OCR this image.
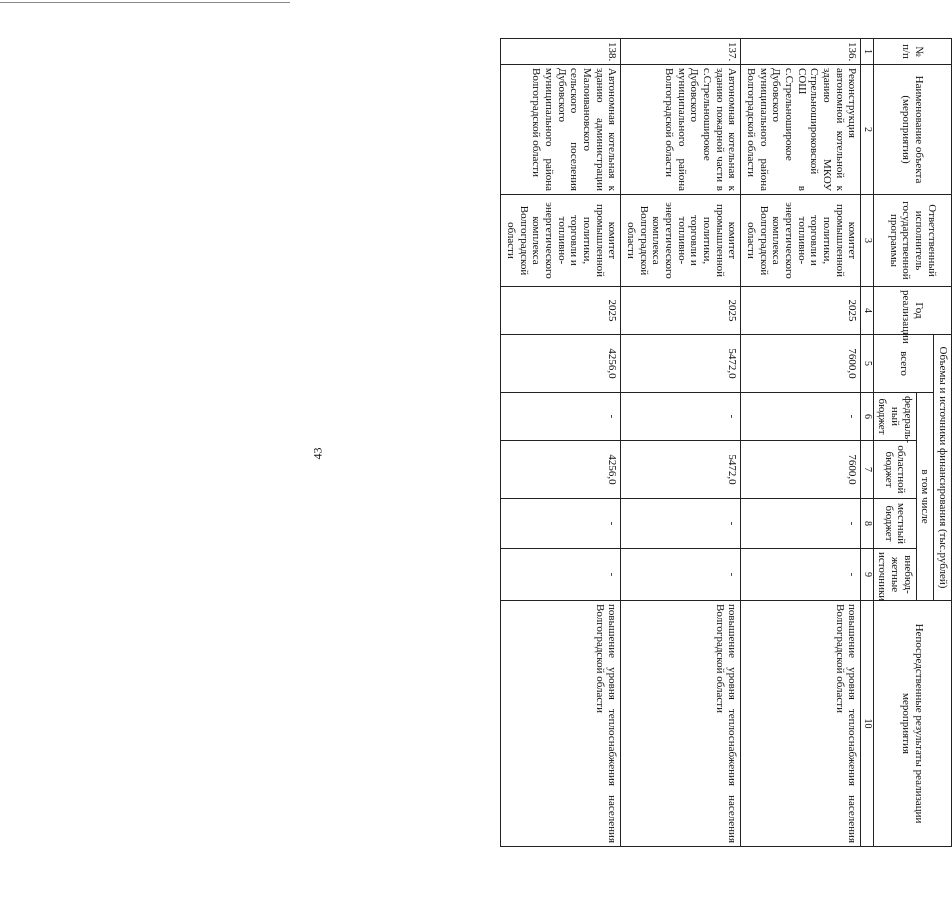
43
№ п/п	Наименование объекта (мероприятия)	Ответственный исполнитель государственной программы	Год реализации	Объемы и источники финансирования (тыс.рублей)					Непосредственные результаты реализации мероприятия
				всего	в том числе				
					федераль-ный бюджет	областной бюджет	местный бюджет	внебюд-жетные источники	
1	2	3	4	5	6	7	8	9	10
136.	Реконструкция автономной котельной к зданию МКОУ Стрельношироковской СОШ в с.Стрельноширокое Дубовского муниципального района Волгоградской области	комитет промышленной политики, торговли и топливно-энергетического комплекса Волгоградской области	2025	7600,0	-	7600,0	-	-	повышение уровня теплоснабжения населения Волгоградской области
137.	Автономная котельная к зданию пожарной части в с.Стрельноширокое Дубовского муниципального района Волгоградской области	комитет промышленной политики, торговли и топливно-энергетического комплекса Волгоградской области	2025	5472,0	-	5472,0	-	-	повышение уровня теплоснабжения населения Волгоградской области
138.	Автономная котельная к зданию администрации Малоивановского сельского поселения Дубовского муниципального района Волгоградской области	комитет промышленной политики, торговли и топливно-энергетического комплекса Волгоградской области	2025	4256,0	-	4256,0	-	-	повышение уровня теплоснабжения населения Волгоградской области
